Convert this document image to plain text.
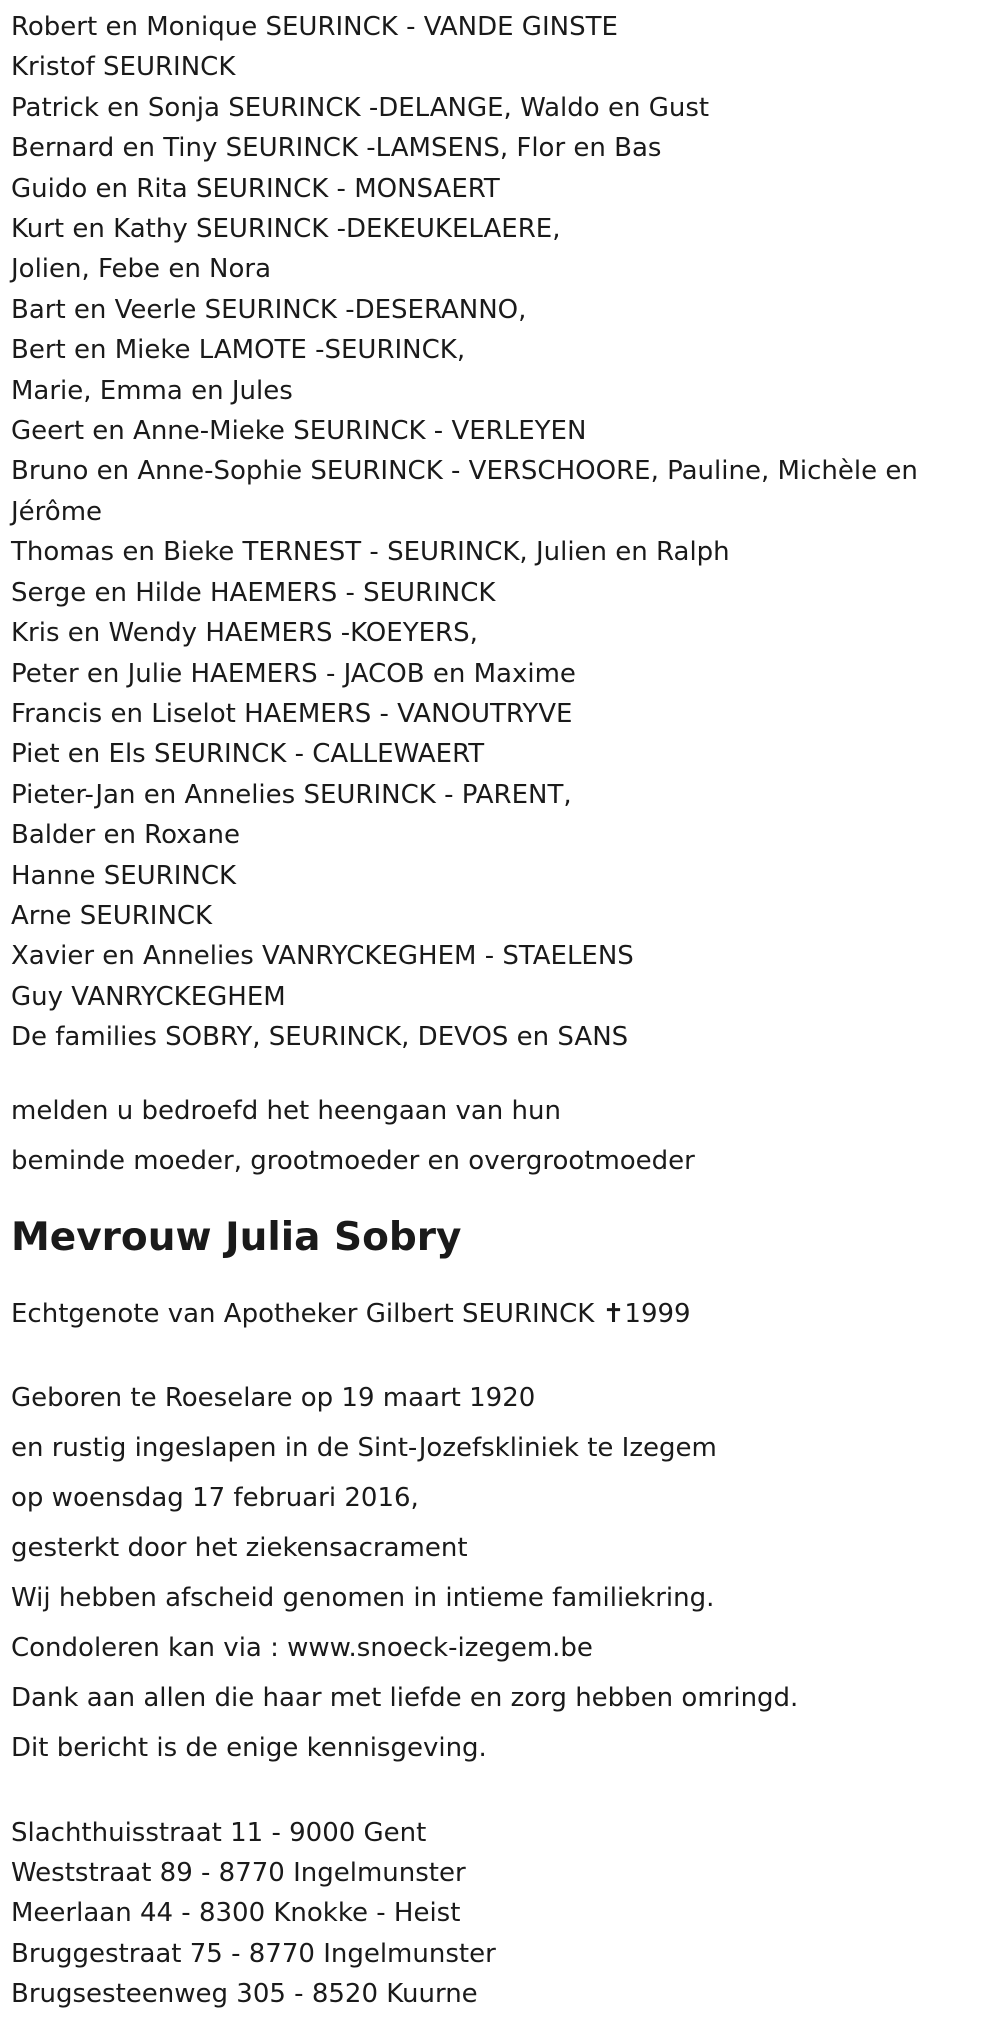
Robert en Monique SEURINCK - VANDE GINSTE
Kristof SEURINCK
Patrick en Sonja SEURINCK -DELANGE, Waldo en Gust
Bernard en Tiny SEURINCK -LAMSENS, Flor en Bas
Guido en Rita SEURINCK - MONSAERT
Kurt en Kathy SEURINCK -DEKEUKELAERE,
Jolien, Febe en Nora
Bart en Veerle SEURINCK -DESERANNO,
Bert en Mieke LAMOTE -SEURINCK,
Marie, Emma en Jules
Geert en Anne-Mieke SEURINCK - VERLEYEN
Bruno en Anne-Sophie SEURINCK - VERSCHOORE, Pauline, Michèle en Jérôme
Thomas en Bieke TERNEST - SEURINCK, Julien en Ralph
Serge en Hilde HAEMERS - SEURINCK
Kris en Wendy HAEMERS -KOEYERS,
Peter en Julie HAEMERS - JACOB en Maxime
Francis en Liselot HAEMERS - VANOUTRYVE
Piet en Els SEURINCK - CALLEWAERT
Pieter-Jan en Annelies SEURINCK - PARENT,
Balder en Roxane
Hanne SEURINCK
Arne SEURINCK
Xavier en Annelies VANRYCKEGHEM - STAELENS
Guy VANRYCKEGHEM
De families SOBRY, SEURINCK, DEVOS en SANS
melden u bedroefd het heengaan van hun
beminde moeder, grootmoeder en overgrootmoeder
Mevrouw Julia Sobry
Echtgenote van Apotheker Gilbert SEURINCK ✝1999
Geboren te Roeselare op 19 maart 1920
en rustig ingeslapen in de Sint-Jozefskliniek te Izegem
op woensdag 17 februari 2016,
gesterkt door het ziekensacrament
Wij hebben afscheid genomen in intieme familiekring.
Condoleren kan via : www.snoeck-izegem.be
Dank aan allen die haar met liefde en zorg hebben omringd.
Dit bericht is de enige kennisgeving.
Slachthuisstraat 11 - 9000 Gent
Weststraat 89 - 8770 Ingelmunster
Meerlaan 44 - 8300 Knokke - Heist
Bruggestraat 75 - 8770 Ingelmunster
Brugsesteenweg 305 - 8520 Kuurne
